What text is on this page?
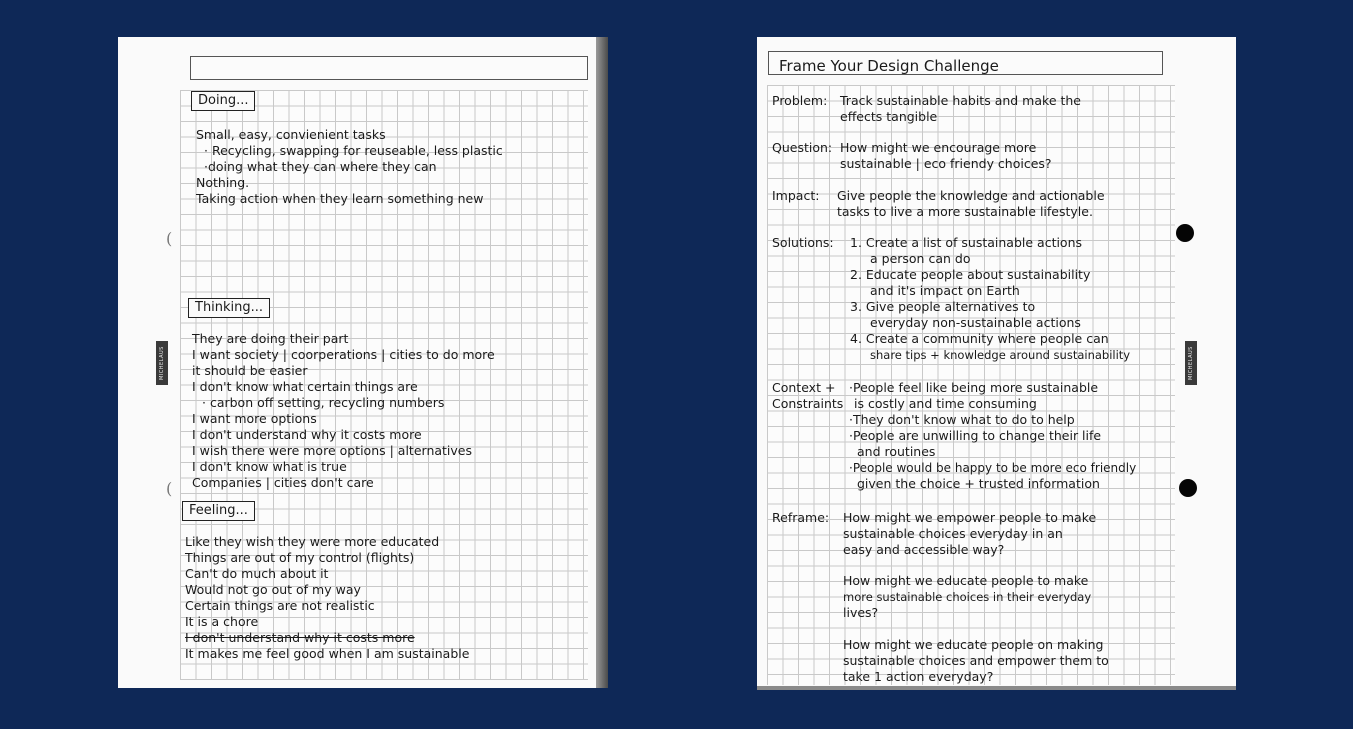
MICHELAUS
(
(
Doing...
Small, easy, convienient tasks
· Recycling, swapping for reuseable, less plastic
·doing what they can where they can
Nothing.
Taking action when they learn something new
Thinking...
They are doing their part
I want society | coorperations | cities to do more
it should be easier
I don't know what certain things are
· carbon off setting, recycling numbers
I want more options
I don't understand why it costs more
I wish there were more options | alternatives
I don't know what is true
Companies | cities don't care
Feeling...
Like they wish they were more educated
Things are out of my control (flights)
Can't do much about it
Would not go out of my way
Certain things are not realistic
It is a chore
I don't understand why it costs more
It makes me feel good when I am sustainable
Frame Your Design Challenge
MICHELAUS
Problem: Track sustainable habits and make the
effects tangible
Question: How might we encourage more
sustainable | eco friendy choices?
Impact: Give people the knowledge and actionable
tasks to live a more sustainable lifestyle.
Solutions: 1. Create a list of sustainable actions
a person can do
2. Educate people about sustainability
and it's impact on Earth
3. Give people alternatives to
everyday non-sustainable actions
4. Create a community where people can
share tips + knowledge around sustainability
Context +
Constraints
·People feel like being more sustainable
is costly and time consuming
·They don't know what to do to help
·People are unwilling to change their life
and routines
·People would be happy to be more eco friendly
given the choice + trusted information
Reframe: How might we empower people to make
sustainable choices everyday in an
easy and accessible way?
How might we educate people to make
more sustainable choices in their everyday
lives?
How might we educate people on making
sustainable choices and empower them to
take 1 action everyday?
